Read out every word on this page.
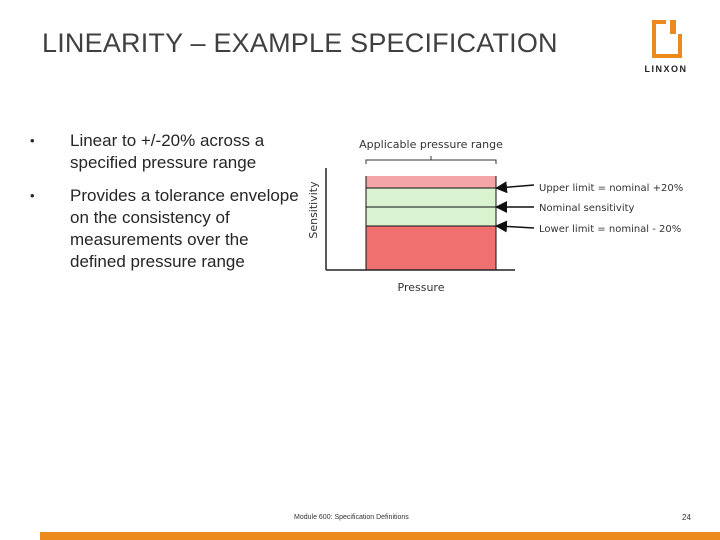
LINEARITY – EXAMPLE SPECIFICATION
LINXON
• Linear to +/-20% across a specified pressure range
• Provides a tolerance envelope on the consistency of measurements over the defined pressure range
Applicable pressure range
Sensitivity
Pressure
Upper limit = nominal +20%
Nominal sensitivity
Lower limit = nominal - 20%
Module 600: Specification Definitions	24
